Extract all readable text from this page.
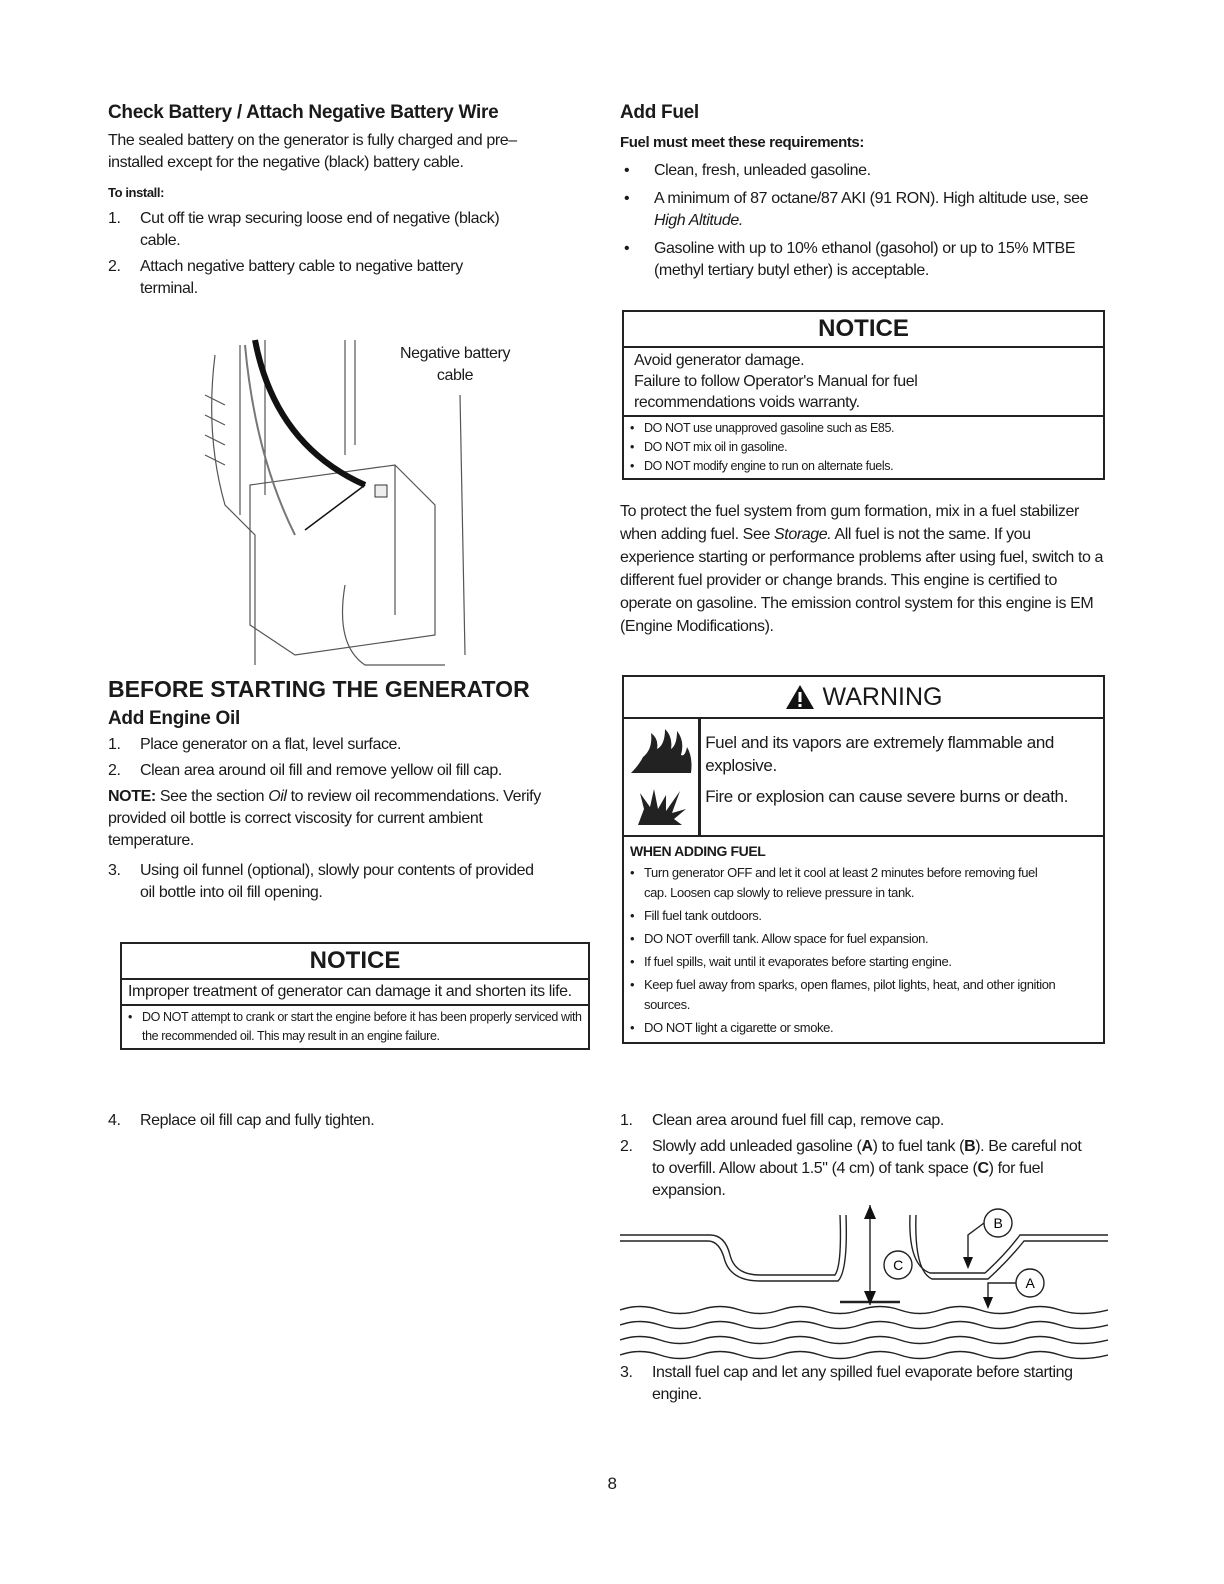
Check Battery / Attach Negative Battery Wire

The sealed battery on the generator is fully charged and pre–installed except for the negative (black) battery cable.

To install:
1.	Cut off tie wrap securing loose end of negative (black) cable.
2.	Attach negative battery cable to negative battery terminal.
Negative battery cable
BEFORE STARTING THE GENERATOR
Add Engine Oil
1.	Place generator on a flat, level surface.
2.	Clean area around oil fill and remove yellow oil fill cap.

NOTE: See the section Oil to review oil recommendations. Verify provided oil bottle is correct viscosity for current ambient temperature.

3.	Using oil funnel (optional), slowly pour contents of provided oil bottle into oil fill opening.
NOTICE
Improper treatment of generator can damage it and shorten its life.
• DO NOT attempt to crank or start the engine before it has been properly serviced with the recommended oil. This may result in an engine failure.
4.	Replace oil fill cap and fully tighten.
Add Fuel
Fuel must meet these requirements:
•	Clean, fresh, unleaded gasoline.
•	A minimum of 87 octane/87 AKI (91 RON). High altitude use, see High Altitude.
•	Gasoline with up to 10% ethanol (gasohol) or up to 15% MTBE (methyl tertiary butyl ether) is acceptable.
NOTICE
Avoid generator damage.
Failure to follow Operator's Manual for fuel recommendations voids warranty.
• DO NOT use unapproved gasoline such as E85.
• DO NOT mix oil in gasoline.
• DO NOT modify engine to run on alternate fuels.

To protect the fuel system from gum formation, mix in a fuel stabilizer when adding fuel. See Storage. All fuel is not the same. If you experience starting or performance problems after using fuel, switch to a different fuel provider or change brands. This engine is certified to operate on gasoline. The emission control system for this engine is EM (Engine Modifications).

WARNING

Fuel and its vapors are extremely flammable and explosive.

Fire or explosion can cause severe burns or death.

WHEN ADDING FUEL
• Turn generator OFF and let it cool at least 2 minutes before removing fuel cap. Loosen cap slowly to relieve pressure in tank.
• Fill fuel tank outdoors.
• DO NOT overfill tank. Allow space for fuel expansion.
• If fuel spills, wait until it evaporates before starting engine.
• Keep fuel away from sparks, open flames, pilot lights, heat, and other ignition sources.
• DO NOT light a cigarette or smoke.
1.	Clean area around fuel fill cap, remove cap.
2.	Slowly add unleaded gasoline (A) to fuel tank (B). Be careful not to overfill. Allow about 1.5" (4 cm) of tank space (C) for fuel expansion.
C
B
A
3.	Install fuel cap and let any spilled fuel evaporate before starting engine.
8
